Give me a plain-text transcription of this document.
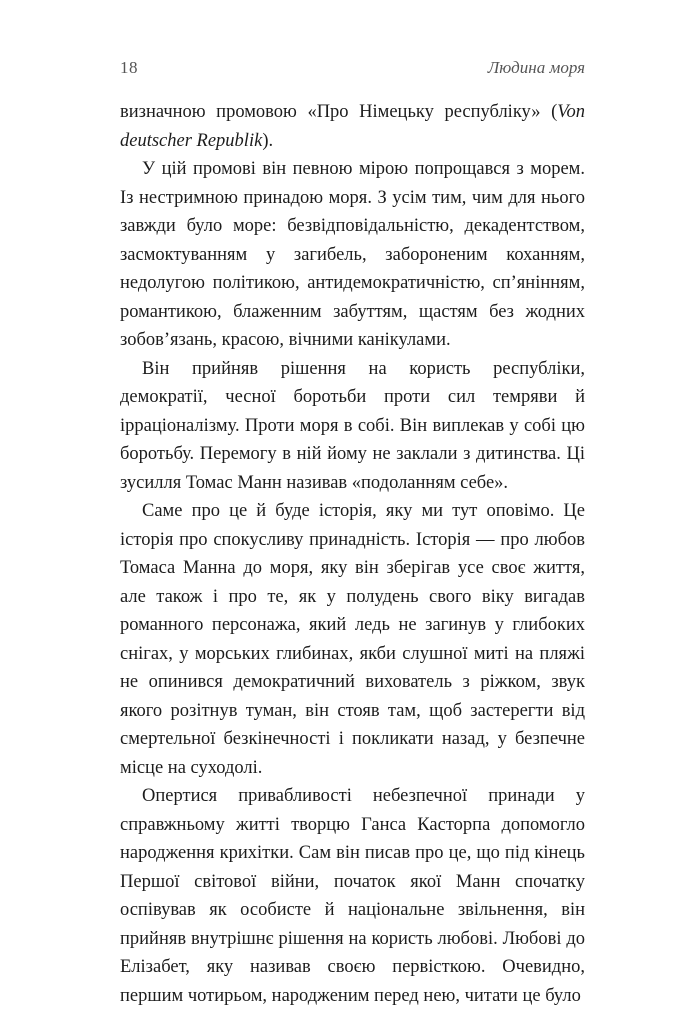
18	Людина моря

визначною промовою «Про Німецьку республіку» (Von deutscher Republik).

У цій промові він певною мірою попрощався з морем. Із нестримною принадою моря. З усім тим, чим для нього завжди було море: безвідповідальністю, декадентством, засмоктуванням у загибель, забороненим коханням, недолугою політикою, антидемократичністю, сп’янінням, романтикою, блаженним забуттям, щастям без жодних зобов’язань, красою, вічними канікулами.

Він прийняв рішення на користь республіки, демократії, чесної боротьби проти сил темряви й ірраціоналізму. Проти моря в собі. Він виплекав у собі цю боротьбу. Перемогу в ній йому не заклали з дитинства. Ці зусилля Томас Манн називав «подоланням себе».

Саме про це й буде історія, яку ми тут оповімо. Це історія про спокусливу принадність. Історія — про любов Томаса Манна до моря, яку він зберігав усе своє життя, але також і про те, як у полудень свого віку вигадав романного персонажа, який ледь не загинув у глибоких снігах, у морських глибинах, якби слушної миті на пляжі не опинився демократичний вихователь з ріжком, звук якого розітнув туман, він стояв там, щоб застерегти від смертельної безкінечності і покликати назад, у безпечне місце на суходолі.

Опертися привабливості небезпечної принади у справжньому житті творцю Ганса Касторпа допомогло народження крихітки. Сам він писав про це, що під кінець Першої світової війни, початок якої Манн спочатку оспівував як особисте й національне звільнення, він прийняв внутрішнє рішення на користь любові. Любові до Елізабет, яку називав своєю первісткою. Очевидно, першим чотирьом, народженим перед нею, читати це було
